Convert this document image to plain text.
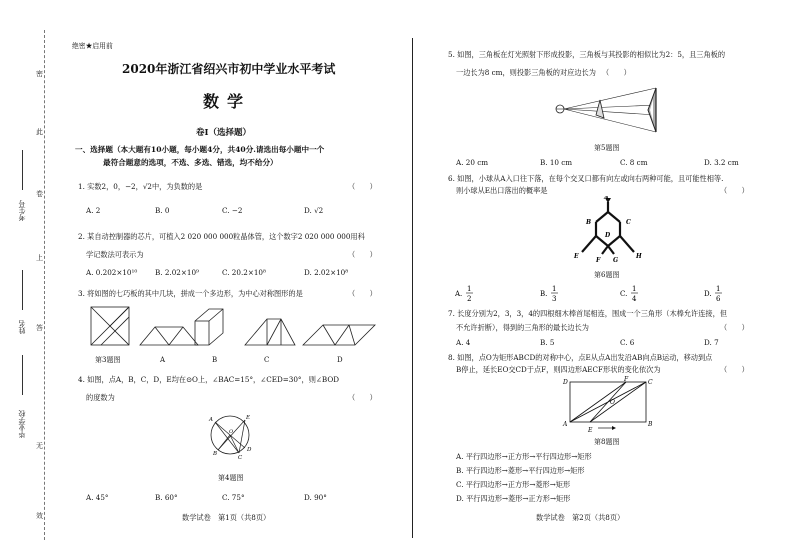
密
此
卷
上
答
无
效
考生号
姓名
毕业学校
绝密★启用前
2020年浙江省绍兴市初中学业水平考试
数学
卷Ⅰ（选择题）
一、选择题（本大题有10小题，每小题4分，共40分.请选出每小题中一个
最符合题意的选项，不选、多选、错选，均不给分）
1. 实数2，0，−2，√2中，为负数的是	（　　）
A. 2	B. 0	C. −2	D. √2
2. 某自动控制器的芯片，可植入2 020 000 000粒晶体管，这个数字2 020 000 000用科
学记数法可表示为	（　　）
A. 0.202×10¹⁰ B. 2.02×10⁹	C. 20.2×10⁸	D. 2.02×10⁸
3. 将如图的七巧板的其中几块，拼成一个多边形，为中心对称图形的是	（　　）
第3题图	A	B	C	D
4. 如图，点A，B，C，D，E均在⊙O上，∠BAC=15°，∠CED=30°，则∠BOD
的度数为	（　　）
A	E
O
B
C
D
第4题图
A. 45°	B. 60°	C. 75°	D. 90°
数学试卷　第1页（共8页）
5. 如图，三角板在灯光照射下形成投影，三角板与其投影的相似比为2：5，且三角板的
一边长为8 cm，则投影三角板的对应边长为 （　　）
第5题图
A. 20 cm	B. 10 cm	C. 8 cm	D. 3.2 cm
6. 如图，小球从A入口往下落，在每个交叉口都有向左或向右两种可能，且可能性相等.
则小球从E出口落出的概率是	（　　）
A
B	C
D
E
F G
H
第6题图
A.
1
2
B.
1
3
C.
1
4
D.
1
6
7. 长度分别为2，3，3，4的四根细木棒首尾相连，围成一个三角形（木棒允许连接，但
不允许折断），得到的三角形的最长边长为	（　　）
A. 4	B. 5	C. 6	D. 7
8. 如图，点O为矩形ABCD的对称中心，点E从点A出发沿AB向点B运动，移动到点
B停止，延长EO交CD于点F，则四边形AECF形状的变化依次为	（　　）
D	F	C
O
A
E
B
第8题图
A. 平行四边形→正方形→平行四边形→矩形
B. 平行四边形→菱形→平行四边形→矩形
C. 平行四边形→正方形→菱形→矩形
D. 平行四边形→菱形→正方形→矩形
数学试卷　第2页（共8页）
